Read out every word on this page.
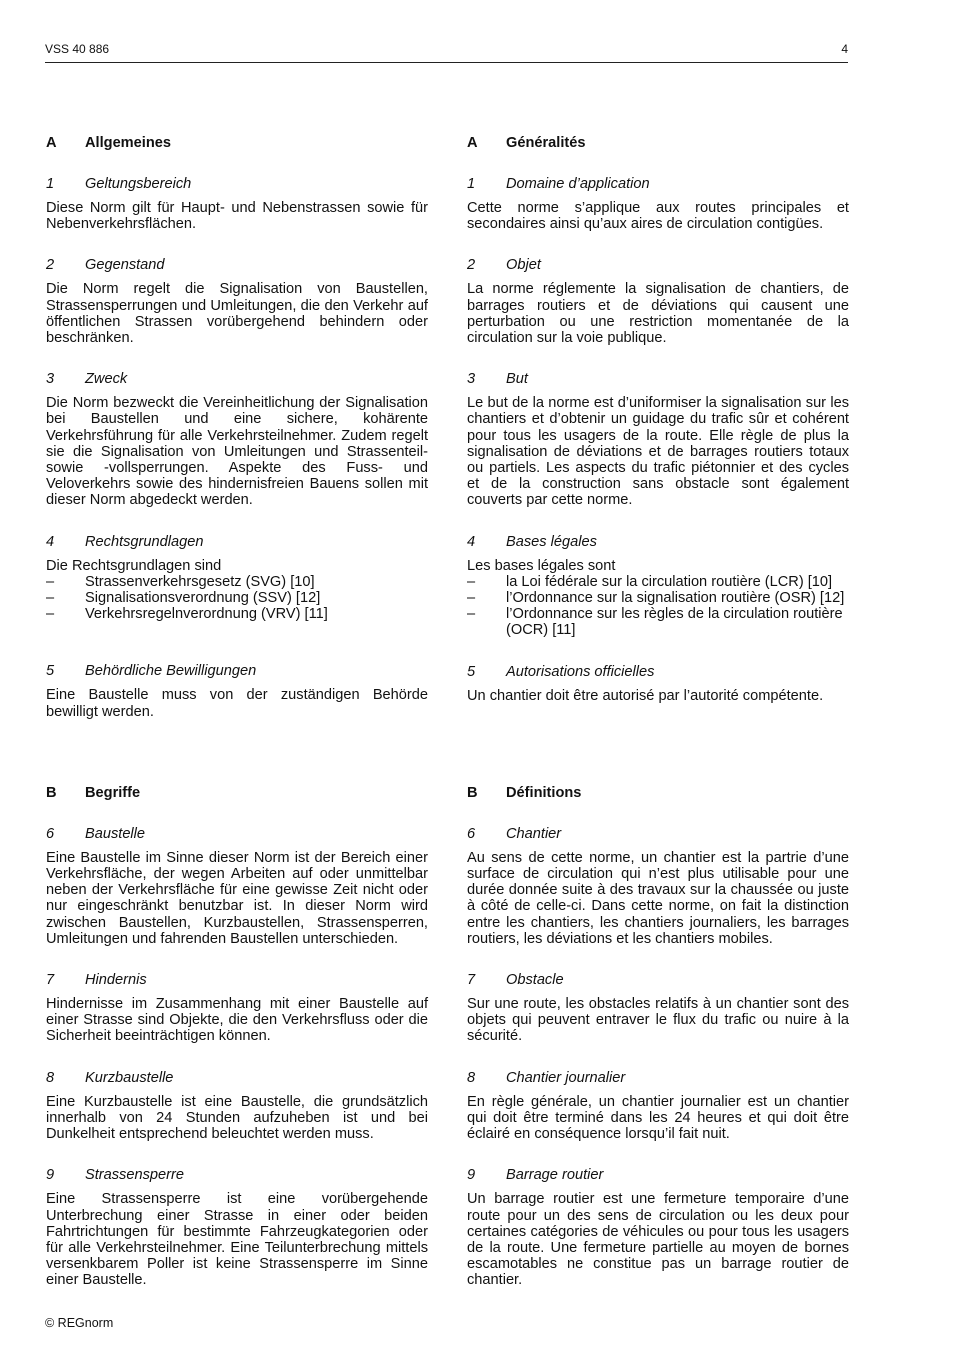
VSS 40 886	4
A	Allgemeines
1	Geltungsbereich

Diese Norm gilt für Haupt- und Nebenstrassen sowie für Nebenverkehrsflächen.

2	Gegenstand

Die Norm regelt die Signalisation von Baustellen, Strassensperrungen und Umleitungen, die den Verkehr auf öffentlichen Strassen vorübergehend behindern oder beschränken.

3	Zweck

Die Norm bezweckt die Vereinheitlichung der Signalisation bei Baustellen und eine sichere, kohärente Verkehrsführung für alle Verkehrsteilnehmer. Zudem regelt sie die Signalisation von Umleitungen und Strassenteil- sowie -vollsperrungen. Aspekte des Fuss- und Veloverkehrs sowie des hindernisfreien Bauens sollen mit dieser Norm abgedeckt werden.

4	Rechtsgrundlagen

Die Rechtsgrundlagen sind

–	Strassenverkehrsgesetz (SVG) [10]
–	Signalisationsverordnung (SSV) [12]
–	Verkehrsregelnverordnung (VRV) [11]
5	Behördliche Bewilligungen

Eine Baustelle muss von der zuständigen Behörde bewilligt werden.

B	Begriffe
6	Baustelle

Eine Baustelle im Sinne dieser Norm ist der Bereich einer Verkehrsfläche, der wegen Arbeiten auf oder unmittelbar neben der Verkehrsfläche für eine gewisse Zeit nicht oder nur eingeschränkt benutzbar ist. In dieser Norm wird zwischen Baustellen, Kurzbaustellen, Strassensperren, Umleitungen und fahrenden Baustellen unterschieden.

7	Hindernis

Hindernisse im Zusammenhang mit einer Baustelle auf einer Strasse sind Objekte, die den Verkehrsfluss oder die Sicherheit beeinträchtigen können.

8	Kurzbaustelle

Eine Kurzbaustelle ist eine Baustelle, die grundsätzlich innerhalb von 24 Stunden aufzuheben ist und bei Dunkelheit entsprechend beleuchtet werden muss.

9	Strassensperre

Eine Strassensperre ist eine vorübergehende Unterbrechung einer Strasse in einer oder beiden Fahrtrichtungen für bestimmte Fahrzeugkategorien oder für alle Verkehrsteilnehmer. Eine Teilunterbrechung mittels versenkbarem Poller ist keine Strassensperre im Sinne einer Baustelle.

A	Généralités
1	Domaine d’application

Cette norme s’applique aux routes principales et secondaires ainsi qu’aux aires de circulation contigües.

2	Objet

La norme réglemente la signalisation de chantiers, de barrages routiers et de déviations qui causent une perturbation ou une restriction momentanée de la circulation sur la voie publique.

3	But

Le but de la norme est d’uniformiser la signalisation sur les chantiers et d’obtenir un guidage du trafic sûr et cohérent pour tous les usagers de la route. Elle règle de plus la signalisation de déviations et de barrages routiers totaux ou partiels. Les aspects du trafic piétonnier et des cycles et de la construction sans obstacle sont également couverts par cette norme.

4	Bases légales

Les bases légales sont

–	la Loi fédérale sur la circulation routière (LCR) [10]
–	l’Ordonnance sur la signalisation routière (OSR) [12]
–	l’Ordonnance sur les règles de la circulation routière (OCR) [11]
5	Autorisations officielles

Un chantier doit être autorisé par l’autorité compétente.

B	Définitions
6	Chantier

Au sens de cette norme, un chantier est la partrie d’une surface de circulation qui n’est plus utilisable pour une durée donnée suite à des travaux sur la chaussée ou juste à côté de celle-ci. Dans cette norme, on fait la distinction entre les chantiers, les chantiers journaliers, les barrages routiers, les déviations et les chantiers mobiles.

7	Obstacle

Sur une route, les obstacles relatifs à un chantier sont des objets qui peuvent entraver le flux du trafic ou nuire à la sécurité.

8	Chantier journalier

En règle générale, un chantier journalier est un chantier qui doit être terminé dans les 24 heures et qui doit être éclairé en conséquence lorsqu’il fait nuit.

9	Barrage routier

Un barrage routier est une fermeture temporaire d’une route pour un des sens de circulation ou les deux pour certaines catégories de véhicules ou pour tous les usagers de la route. Une fermeture partielle au moyen de bornes escamotables ne constitue pas un barrage routier de chantier.

© REGnorm
